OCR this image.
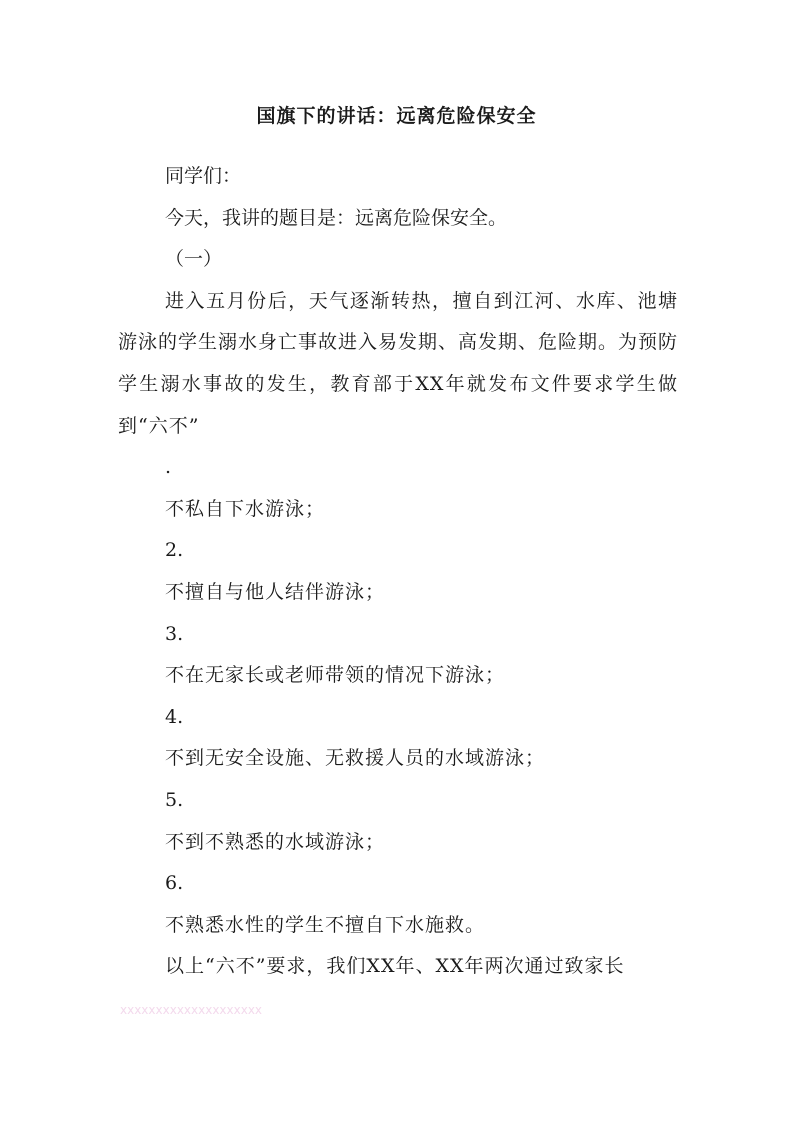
国旗下的讲话：远离危险保安全

同学们：

今天，我讲的题目是：远离危险保安全。

（一）

进入五月份后，天气逐渐转热，擅自到江河、水库、池塘游泳的学生溺水身亡事故进入易发期、高发期、危险期。为预防学生溺水事故的发生，教育部于XX年就发布文件要求学生做到“六不”

.

不私自下水游泳；

2.

不擅自与他人结伴游泳；

3.

不在无家长或老师带领的情况下游泳；

4.

不到无安全设施、无救援人员的水域游泳；

5.

不到不熟悉的水域游泳；

6.

不熟悉水性的学生不擅自下水施救。

以上“六不”要求，我们XX年、XX年两次通过致家长

xxxxxxxxxxxxxxxxxxxx
